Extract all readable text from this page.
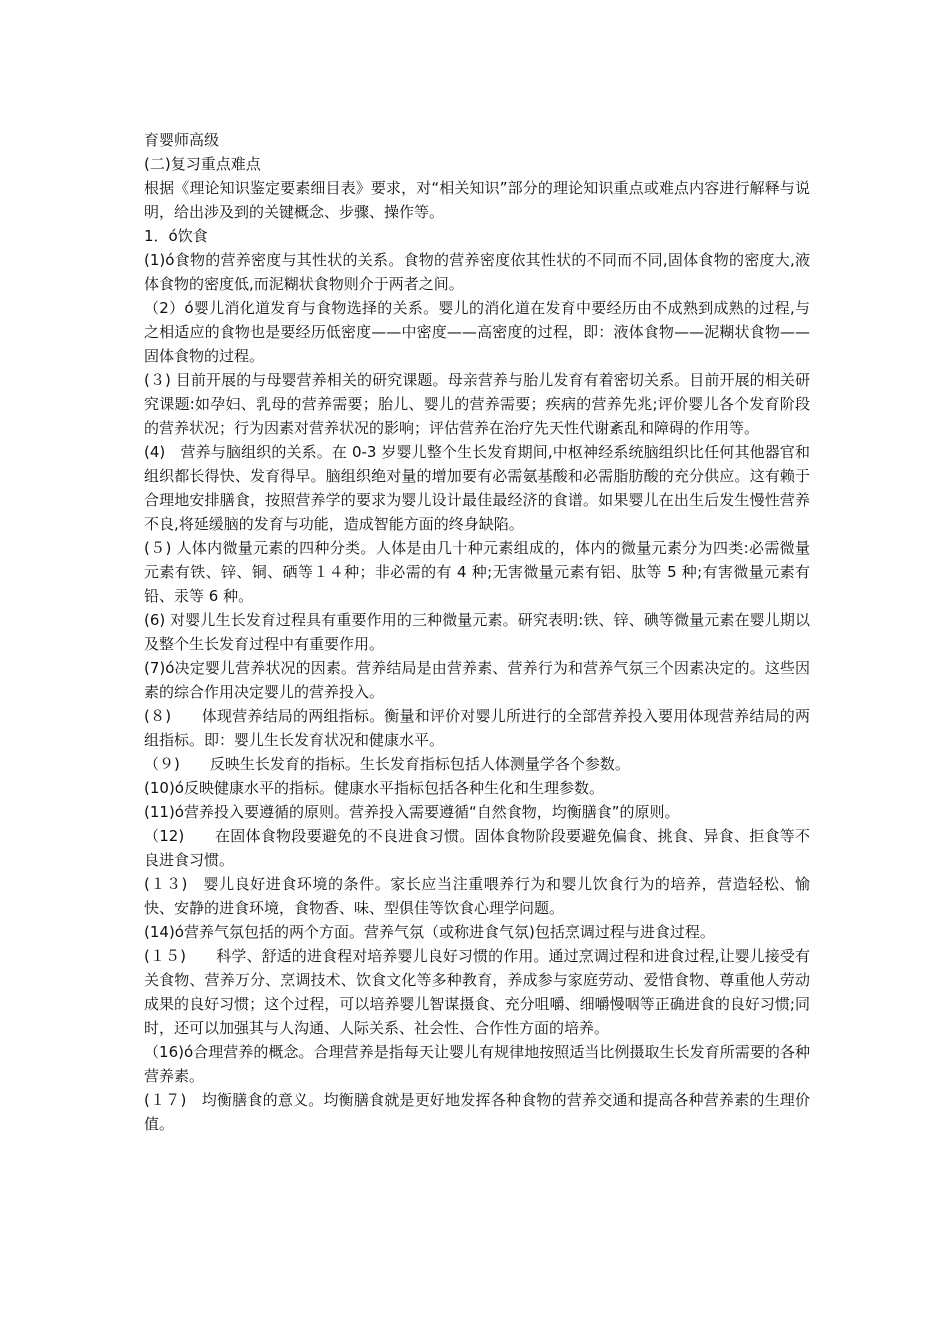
育婴师高级

(二)复习重点难点

根据《理论知识鉴定要素细目表》要求，对“相关知识”部分的理论知识重点或难点内容进行解释与说明，给出涉及到的关键概念、步骤、操作等。

1．ó饮食

(1)ó食物的营养密度与其性状的关系。食物的营养密度依其性状的不同而不同,固体食物的密度大,液体食物的密度低,而泥糊状食物则介于两者之间。

（2）ó婴儿消化道发育与食物选择的关系。婴儿的消化道在发育中要经历由不成熟到成熟的过程,与之相适应的食物也是要经历低密度——中密度——高密度的过程，即：液体食物——泥糊状食物——固体食物的过程。

(３) 目前开展的与母婴营养相关的研究课题。母亲营养与胎儿发育有着密切关系。目前开展的相关研究课题:如孕妇、乳母的营养需要；胎儿、婴儿的营养需要；疾病的营养先兆;评价婴儿各个发育阶段的营养状况；行为因素对营养状况的影响；评估营养在治疗先天性代谢紊乱和障碍的作用等。

(4)　营养与脑组织的关系。在 0-3 岁婴儿整个生长发育期间,中枢神经系统脑组织比任何其他器官和组织都长得快、发育得早。脑组织绝对量的增加要有必需氨基酸和必需脂肪酸的充分供应。这有赖于合理地安排膳食，按照营养学的要求为婴儿设计最佳最经济的食谱。如果婴儿在出生后发生慢性营养不良,将延缓脑的发育与功能，造成智能方面的终身缺陷。

(５) 人体内微量元素的四种分类。人体是由几十种元素组成的，体内的微量元素分为四类:必需微量元素有铁、锌、铜、硒等１４种；非必需的有 4 种;无害微量元素有铝、肽等 5 种;有害微量元素有铅、汞等 6 种。

(6) 对婴儿生长发育过程具有重要作用的三种微量元素。研究表明:铁、锌、碘等微量元素在婴儿期以及整个生长发育过程中有重要作用。

(7)ó决定婴儿营养状况的因素。营养结局是由营养素、营养行为和营养气氛三个因素决定的。这些因素的综合作用决定婴儿的营养投入。

(８)　　体现营养结局的两组指标。衡量和评价对婴儿所进行的全部营养投入要用体现营养结局的两组指标。即：婴儿生长发育状况和健康水平。

（９)　　反映生长发育的指标。生长发育指标包括人体测量学各个参数。

(10)ó反映健康水平的指标。健康水平指标包括各种生化和生理参数。

(11)ó营养投入要遵循的原则。营养投入需要遵循“自然食物，均衡膳食”的原则。

（12)　　在固体食物段要避免的不良进食习惯。固体食物阶段要避免偏食、挑食、异食、拒食等不良进食习惯。

(１３)　婴儿良好进食环境的条件。家长应当注重喂养行为和婴儿饮食行为的培养，营造轻松、愉快、安静的进食环境，食物香、味、型俱佳等饮食心理学问题。

(14)ó营养气氛包括的两个方面。营养气氛（或称进食气氛)包括烹调过程与进食过程。

(１５)　　科学、舒适的进食程对培养婴儿良好习惯的作用。通过烹调过程和进食过程,让婴儿接受有关食物、营养万分、烹调技术、饮食文化等多种教育，养成参与家庭劳动、爱惜食物、尊重他人劳动成果的良好习惯；这个过程，可以培养婴儿智谋摄食、充分咀嚼、细嚼慢咽等正确进食的良好习惯;同时，还可以加强其与人沟通、人际关系、社会性、合作性方面的培养。

（16)ó合理营养的概念。合理营养是指每天让婴儿有规律地按照适当比例摄取生长发育所需要的各种营养素。

(１７)　均衡膳食的意义。均衡膳食就是更好地发挥各种食物的营养交通和提高各种营养素的生理价值。
